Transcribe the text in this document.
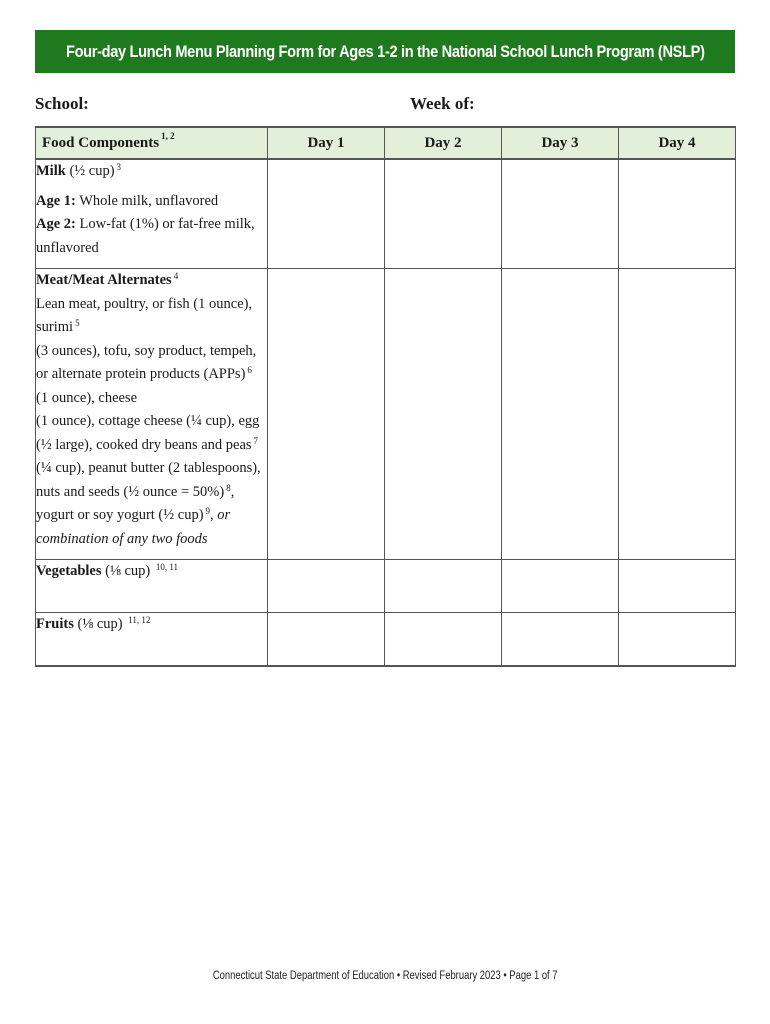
Four-day Lunch Menu Planning Form for Ages 1-2 in the National School Lunch Program (NSLP)
School:	Week of:
Food Components $^{1, 2}$	Day 1	Day 2	Day 3	Day 4
Milk (½ cup) $^3$
Age 1: Whole milk, unflavored
Age 2: Low-fat (1%) or fat-free milk, unflavored				

Meat/Meat Alternates $^4$
Lean meat, poultry, or fish (1 ounce), surimi $^5$
(3 ounces), tofu, soy product, tempeh, or alternate protein products (APPs) $^6$ (1 ounce), cheese
(1 ounce), cottage cheese (¼ cup), egg (½ large), cooked dry beans and peas $^7$ (¼ cup), peanut butter (2 tablespoons), nuts and seeds (½ ounce = 50%) $^8$, yogurt or soy yogurt (½ cup) $^9$, or combination of any two foods				
Vegetables (⅛ cup) $^{10, 11}$				
Fruits (⅛ cup) $^{11, 12}$				
Connecticut State Department of Education • Revised February 2023 • Page 1 of 7
